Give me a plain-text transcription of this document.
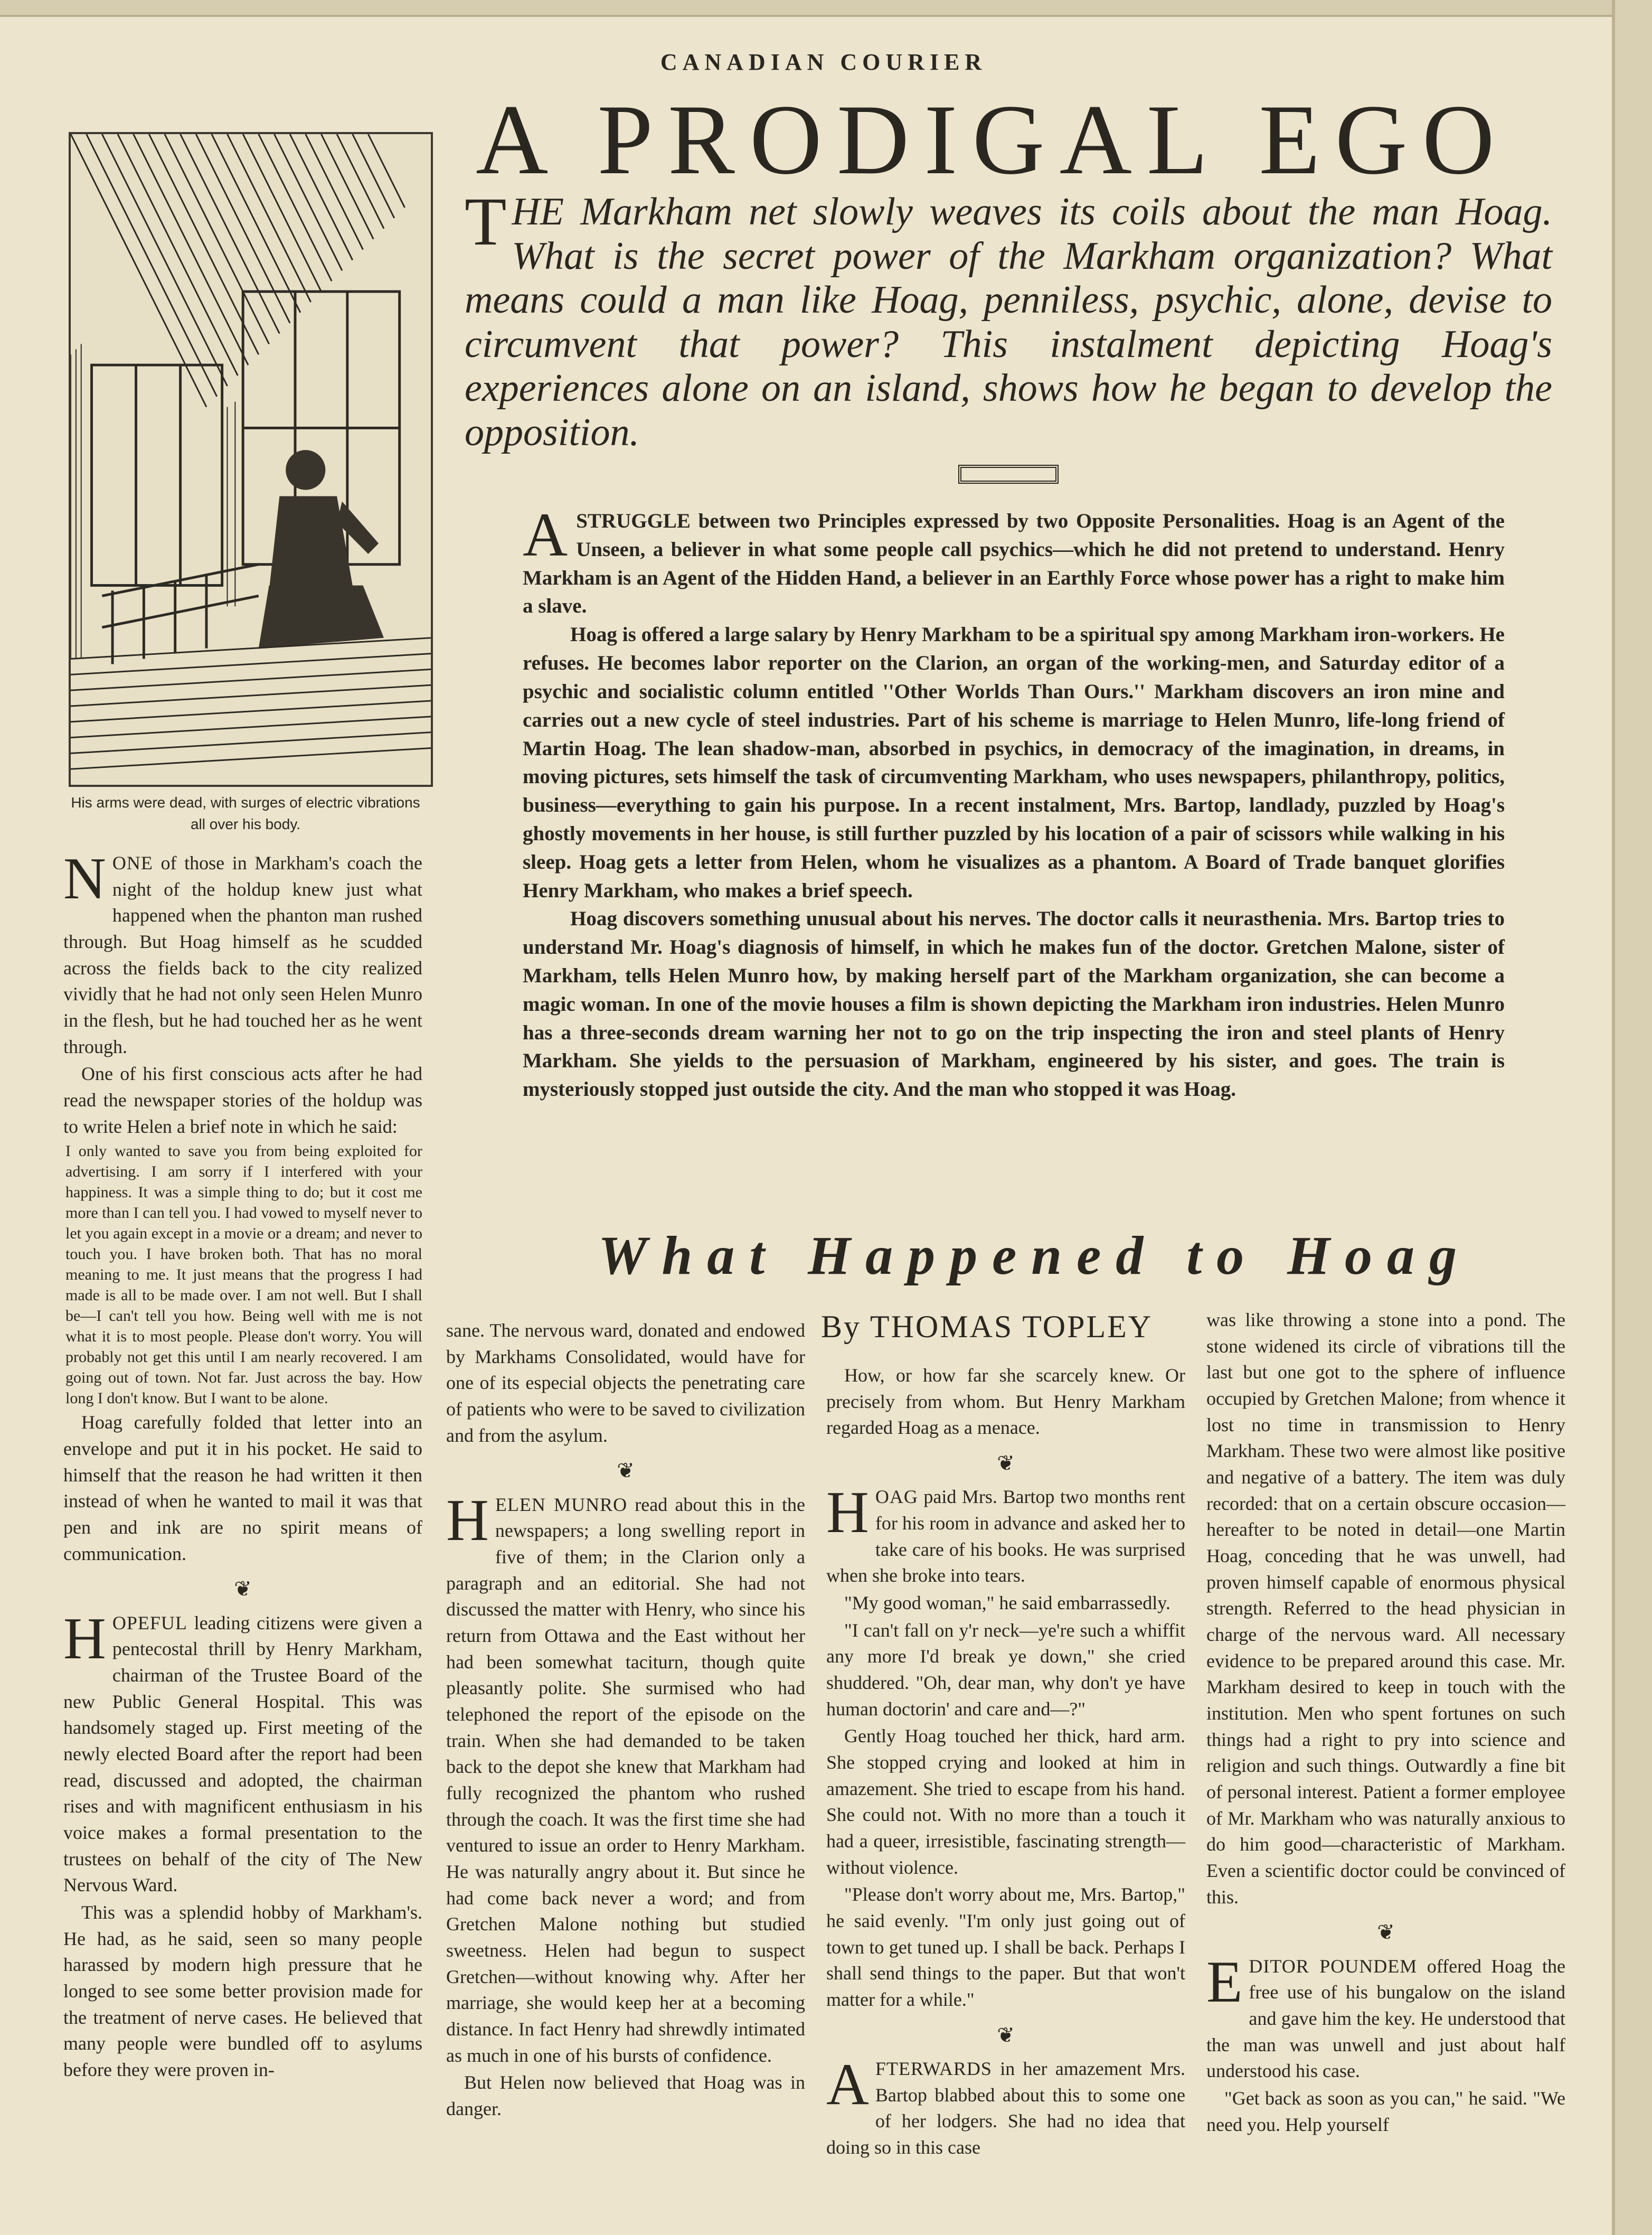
CANADIAN COURIER
A PRODIGAL EGO
His arms were dead, with surges of electric vibrations all over his body.
THE Markham net slowly weaves its coils about the man Hoag. What is the secret power of the Markham organization? What means could a man like Hoag, penniless, psychic, alone, devise to circumvent that power? This instalment depicting Hoag's experiences alone on an island, shows how he began to develop the opposition.

ASTRUGGLE between two Principles expressed by two Opposite Personalities. Hoag is an Agent of the Unseen, a believer in what some people call psychics—which he did not pretend to understand. Henry Markham is an Agent of the Hidden Hand, a believer in an Earthly Force whose power has a right to make him a slave.

Hoag is offered a large salary by Henry Markham to be a spiritual spy among Markham iron-workers. He refuses. He becomes labor reporter on the Clarion, an organ of the working-men, and Saturday editor of a psychic and socialistic column entitled ''Other Worlds Than Ours.'' Markham discovers an iron mine and carries out a new cycle of steel industries. Part of his scheme is marriage to Helen Munro, life-long friend of Martin Hoag. The lean shadow-man, absorbed in psychics, in democracy of the imagination, in dreams, in moving pictures, sets himself the task of circumventing Markham, who uses newspapers, philanthropy, politics, business—everything to gain his purpose. In a recent instalment, Mrs. Bartop, landlady, puzzled by Hoag's ghostly movements in her house, is still further puzzled by his location of a pair of scissors while walking in his sleep. Hoag gets a letter from Helen, whom he visualizes as a phantom. A Board of Trade banquet glorifies Henry Markham, who makes a brief speech.

Hoag discovers something unusual about his nerves. The doctor calls it neurasthenia. Mrs. Bartop tries to understand Mr. Hoag's diagnosis of himself, in which he makes fun of the doctor. Gretchen Malone, sister of Markham, tells Helen Munro how, by making herself part of the Markham organization, she can become a magic woman. In one of the movie houses a film is shown depicting the Markham iron industries. Helen Munro has a three-seconds dream warning her not to go on the trip inspecting the iron and steel plants of Henry Markham. She yields to the persuasion of Markham, engineered by his sister, and goes. The train is mysteriously stopped just outside the city. And the man who stopped it was Hoag.

What Happened to Hoag
By THOMAS TOPLEY

NONE of those in Markham's coach the night of the holdup knew just what happened when the phanton man rushed through. But Hoag himself as he scudded across the fields back to the city realized vividly that he had not only seen Helen Munro in the flesh, but he had touched her as he went through.

One of his first conscious acts after he had read the newspaper stories of the holdup was to write Helen a brief note in which he said:

I only wanted to save you from being exploited for advertising. I am sorry if I interfered with your happiness. It was a simple thing to do; but it cost me more than I can tell you. I had vowed to myself never to let you again except in a movie or a dream; and never to touch you. I have broken both. That has no moral meaning to me. It just means that the progress I had made is all to be made over. I am not well. But I shall be—I can't tell you how. Being well with me is not what it is to most people. Please don't worry. You will probably not get this until I am nearly recovered. I am going out of town. Not far. Just across the bay. How long I don't know. But I want to be alone.

Hoag carefully folded that letter into an envelope and put it in his pocket. He said to himself that the reason he had written it then instead of when he wanted to mail it was that pen and ink are no spirit means of communication.

❦

HOPEFUL leading citizens were given a pentecostal thrill by Henry Markham, chairman of the Trustee Board of the new Public General Hospital. This was handsomely staged up. First meeting of the newly elected Board after the report had been read, discussed and adopted, the chairman rises and with magnificent enthusiasm in his voice makes a formal presentation to the trustees on behalf of the city of The New Nervous Ward.

This was a splendid hobby of Markham's. He had, as he said, seen so many people harassed by modern high pressure that he longed to see some better provision made for the treatment of nerve cases. He believed that many people were bundled off to asylums before they were proven in-

sane. The nervous ward, donated and endowed by Markhams Consolidated, would have for one of its especial objects the penetrating care of patients who were to be saved to civilization and from the asylum.

❦

HELEN MUNRO read about this in the newspapers; a long swelling report in five of them; in the Clarion only a paragraph and an editorial. She had not discussed the matter with Henry, who since his return from Ottawa and the East without her had been somewhat taciturn, though quite pleasantly polite. She surmised who had telephoned the report of the episode on the train. When she had demanded to be taken back to the depot she knew that Markham had fully recognized the phantom who rushed through the coach. It was the first time she had ventured to issue an order to Henry Markham. He was naturally angry about it. But since he had come back never a word; and from Gretchen Malone nothing but studied sweetness. Helen had begun to suspect Gretchen—without knowing why. After her marriage, she would keep her at a becoming distance. In fact Henry had shrewdly intimated as much in one of his bursts of confidence.

But Helen now believed that Hoag was in danger.

How, or how far she scarcely knew. Or precisely from whom. But Henry Markham regarded Hoag as a menace.

❦

HOAG paid Mrs. Bartop two months rent for his room in advance and asked her to take care of his books. He was surprised when she broke into tears.

"My good woman," he said embarrassedly.

"I can't fall on y'r neck—ye're such a whiffit any more I'd break ye down," she cried shuddered. "Oh, dear man, why don't ye have human doctorin' and care and—?"

Gently Hoag touched her thick, hard arm. She stopped crying and looked at him in amazement. She tried to escape from his hand. She could not. With no more than a touch it had a queer, irresistible, fascinating strength—without violence.

"Please don't worry about me, Mrs. Bartop," he said evenly. "I'm only just going out of town to get tuned up. I shall be back. Perhaps I shall send things to the paper. But that won't matter for a while."

❦

AFTERWARDS in her amazement Mrs. Bartop blabbed about this to some one of her lodgers. She had no idea that doing so in this case

was like throwing a stone into a pond. The stone widened its circle of vibrations till the last but one got to the sphere of influence occupied by Gretchen Malone; from whence it lost no time in transmission to Henry Markham. These two were almost like positive and negative of a battery. The item was duly recorded: that on a certain obscure occasion—hereafter to be noted in detail—one Martin Hoag, conceding that he was unwell, had proven himself capable of enormous physical strength. Referred to the head physician in charge of the nervous ward. All necessary evidence to be prepared around this case. Mr. Markham desired to keep in touch with the institution. Men who spent fortunes on such things had a right to pry into science and religion and such things. Outwardly a fine bit of personal interest. Patient a former employee of Mr. Markham who was naturally anxious to do him good—characteristic of Markham. Even a scientific doctor could be convinced of this.

❦

EDITOR POUNDEM offered Hoag the free use of his bungalow on the island and gave him the key. He understood that the man was unwell and just about half understood his case.

"Get back as soon as you can," he said. "We need you. Help yourself
